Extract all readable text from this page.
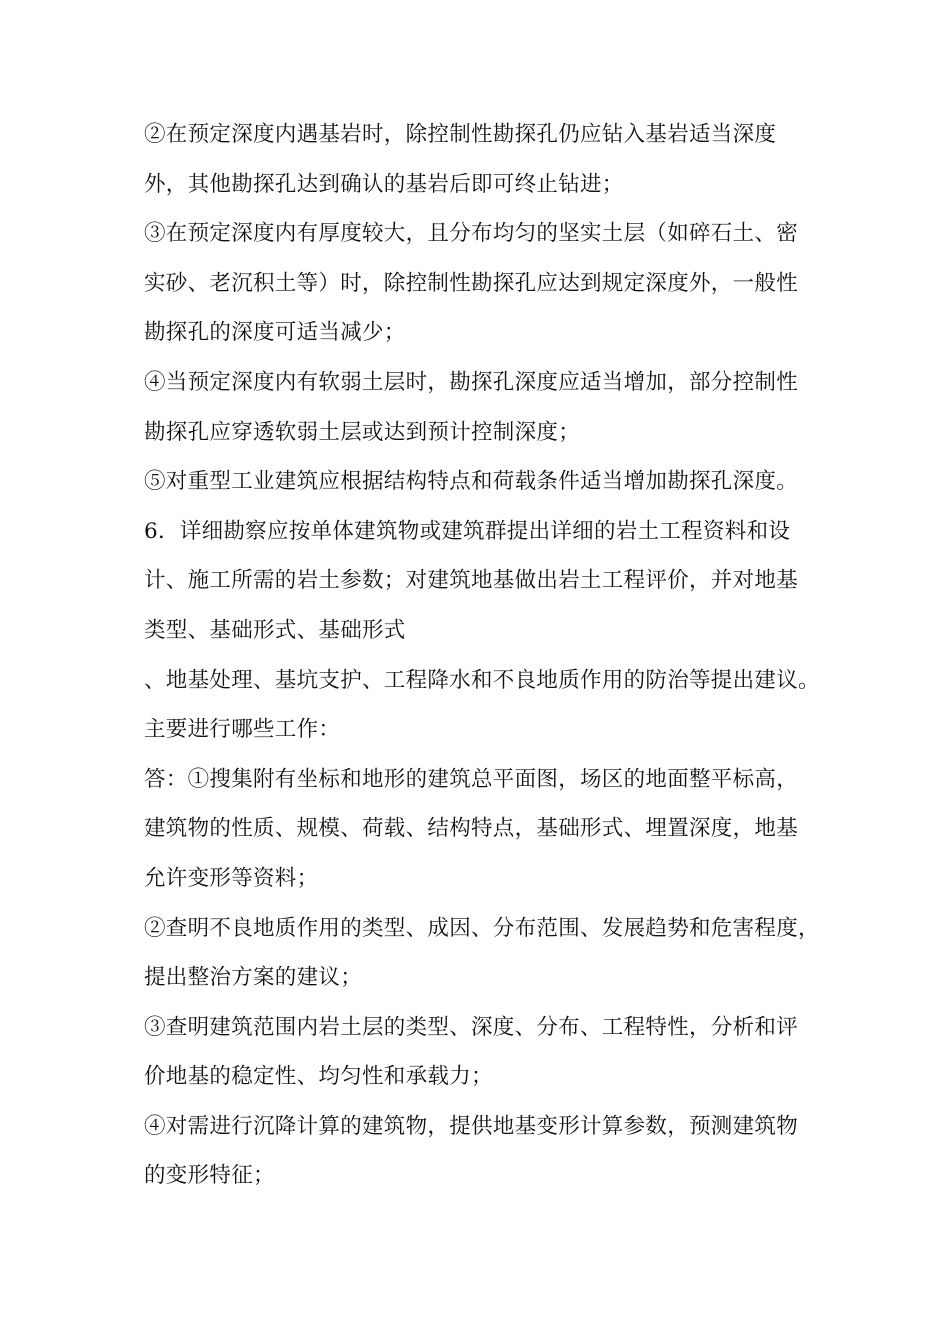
②在预定深度内遇基岩时，除控制性勘探孔仍应钻入基岩适当深度
外，其他勘探孔达到确认的基岩后即可终止钻进；
③在预定深度内有厚度较大，且分布均匀的坚实土层（如碎石土、密
实砂、老沉积土等）时，除控制性勘探孔应达到规定深度外，一般性
勘探孔的深度可适当减少；
④当预定深度内有软弱土层时，勘探孔深度应适当增加，部分控制性
勘探孔应穿透软弱土层或达到预计控制深度；
⑤对重型工业建筑应根据结构特点和荷载条件适当增加勘探孔深度。
6．详细勘察应按单体建筑物或建筑群提出详细的岩土工程资料和设
计、施工所需的岩土参数；对建筑地基做出岩土工程评价，并对地基
类型、基础形式、基础形式
、地基处理、基坑支护、工程降水和不良地质作用的防治等提出建议。
主要进行哪些工作：
答：①搜集附有坐标和地形的建筑总平面图，场区的地面整平标高，
建筑物的性质、规模、荷载、结构特点，基础形式、埋置深度，地基
允许变形等资料；
②查明不良地质作用的类型、成因、分布范围、发展趋势和危害程度，
提出整治方案的建议；
③查明建筑范围内岩土层的类型、深度、分布、工程特性，分析和评
价地基的稳定性、均匀性和承载力；
④对需进行沉降计算的建筑物，提供地基变形计算参数，预测建筑物
的变形特征；
